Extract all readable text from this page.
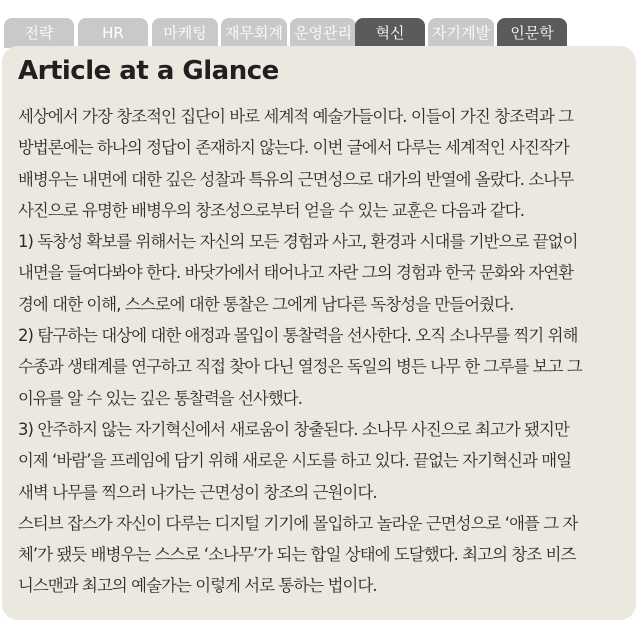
전략	HR	마케팅	재무회계 운영관리	혁신	자기계발	인문학
Article at a Glance
세상에서 가장 창조적인 집단이 바로 세계적 예술가들이다. 이들이 가진 창조력과 그
방법론에는 하나의 정답이 존재하지 않는다. 이번 글에서 다루는 세계적인 사진작가
배병우는 내면에 대한 깊은 성찰과 특유의 근면성으로 대가의 반열에 올랐다. 소나무
사진으로 유명한 배병우의 창조성으로부터 얻을 수 있는 교훈은 다음과 같다.
1) 독창성 확보를 위해서는 자신의 모든 경험과 사고, 환경과 시대를 기반으로 끝없이
내면을 들여다봐야 한다. 바닷가에서 태어나고 자란 그의 경험과 한국 문화와 자연환
경에 대한 이해, 스스로에 대한 통찰은 그에게 남다른 독창성을 만들어줬다.
2) 탐구하는 대상에 대한 애정과 몰입이 통찰력을 선사한다. 오직 소나무를 찍기 위해
수종과 생태계를 연구하고 직접 찾아 다닌 열정은 독일의 병든 나무 한 그루를 보고 그
이유를 알 수 있는 깊은 통찰력을 선사했다.
3) 안주하지 않는 자기혁신에서 새로움이 창출된다. 소나무 사진으로 최고가 됐지만
이제 ‘바람’을 프레임에 담기 위해 새로운 시도를 하고 있다. 끝없는 자기혁신과 매일
새벽 나무를 찍으러 나가는 근면성이 창조의 근원이다.
스티브 잡스가 자신이 다루는 디지털 기기에 몰입하고 놀라운 근면성으로 ‘애플 그 자
체’가 됐듯 배병우는 스스로 ‘소나무’가 되는 합일 상태에 도달했다. 최고의 창조 비즈
니스맨과 최고의 예술가는 이렇게 서로 통하는 법이다.
